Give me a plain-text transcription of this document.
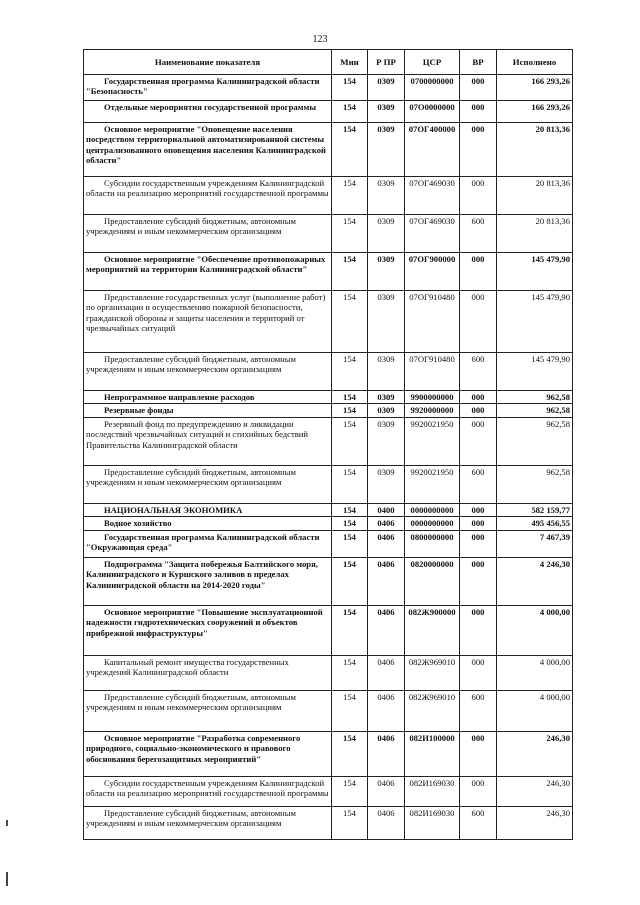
123
Наименование показателя	Мин	Р ПР	ЦСР	ВР	Исполнено
Государственная программа Калининградской области "Безопасность"	154	0309	0700000000	000	166 293,26
Отдельные мероприятия государственной программы	154	0309	07О0000000	000	166 293,26
Основное мероприятие "Оповещение населения посредством территориальной автоматизированной системы централизованного оповещения населения Калининградской области"	154	0309	07ОГ400000	000	20 813,36
Субсидии государственным учреждениям Калининградской области на реализацию мероприятий государственной программы	154	0309	07ОГ469030	000	20 813,36
Предоставление субсидий бюджетным, автономным учреждениям и иным некоммерческим организациям	154	0309	07ОГ469030	600	20 813,36
Основное мероприятие "Обеспечение противопожарных мероприятий на территории Калининградской области"	154	0309	07ОГ900000	000	145 479,90
Предоставление государственных услуг (выполнение работ) по организации и осуществлению пожарной безопасности, гражданской обороны и защиты населения и территорий от чрезвычайных ситуаций	154	0309	07ОГ910480	000	145 479,90
Предоставление субсидий бюджетным, автономным учреждениям и иным некоммерческим организациям	154	0309	07ОГ910480	600	145 479,90
Непрограммное направление расходов	154	0309	9900000000	000	962,58
Резервные фонды	154	0309	9920000000	000	962,58
Резервный фонд по предупреждению и ликвидации последствий чрезвычайных ситуаций и стихийных бедствий Правительства Калининградской области	154	0309	9920021950	000	962,58
Предоставление субсидий бюджетным, автономным учреждениям и иным некоммерческим организациям	154	0309	9920021950	600	962,58
НАЦИОНАЛЬНАЯ ЭКОНОМИКА	154	0400	0000000000	000	582 159,77
Водное хозяйство	154	0406	0000000000	000	495 456,55
Государственная программа Калининградской области "Окружающая среда"	154	0406	0800000000	000	7 467,39
Подпрограмма "Защита побережья Балтийского моря, Калининградского и Куршского заливов в пределах Калининградской области на 2014-2020 годы"	154	0406	0820000000	000	4 246,30
Основное мероприятие "Повышение эксплуатационной надежности гидротехнических сооружений и объектов прибрежной инфраструктуры"	154	0406	082Ж900000	000	4 000,00
Капитальный ремонт имущества государственных учреждений Калининградской области	154	0406	082Ж969010	000	4 000,00
Предоставление субсидий бюджетным, автономным учреждениям и иным некоммерческим организациям	154	0406	082Ж969010	600	4 000,00
Основное мероприятие "Разработка современного природного, социально-экономического и правового обоснования берегозащитных мероприятий"	154	0406	082И100000	000	246,30
Субсидии государственным учреждениям Калининградской области на реализацию мероприятий государственной программы	154	0406	082И169030	000	246,30
Предоставление субсидий бюджетным, автономным учреждениям и иным некоммерческим организациям	154	0406	082И169030	600	246,30
